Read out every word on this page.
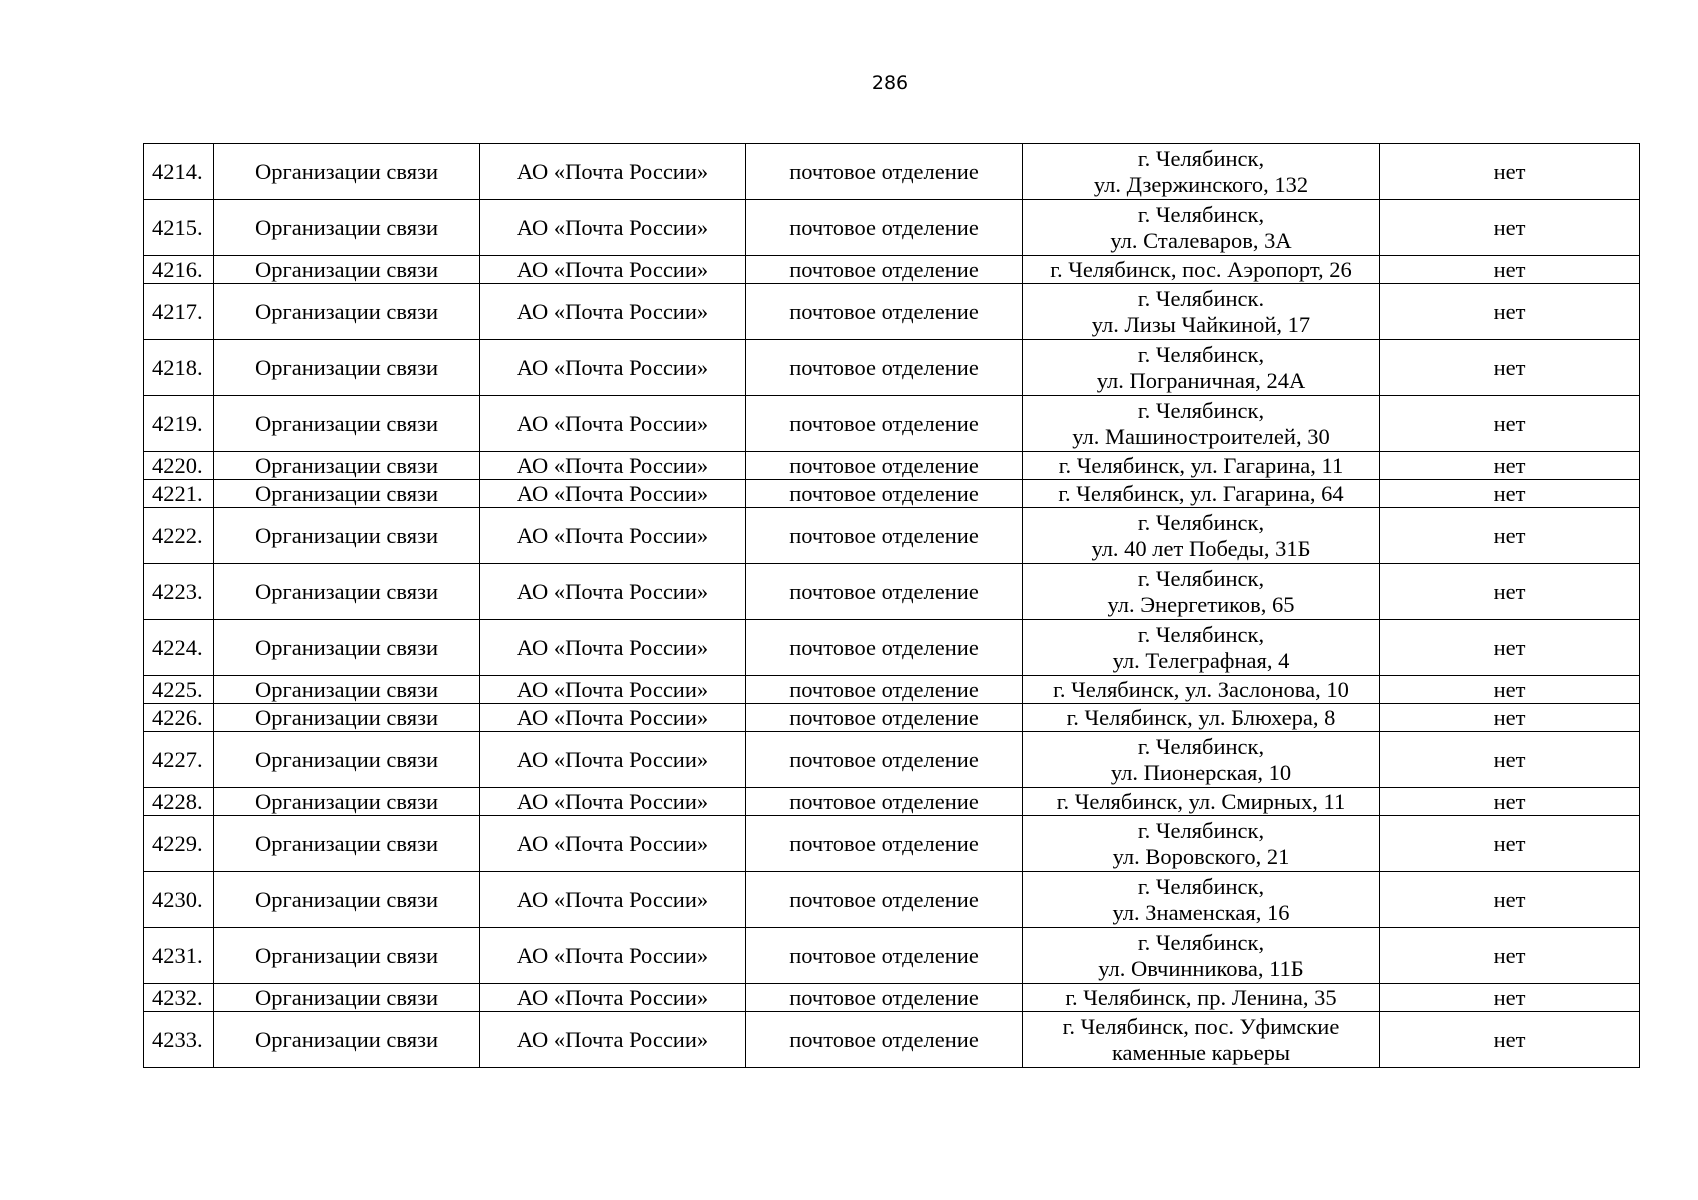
286
4214.	Организации связи	АО «Почта России»	почтовое отделение	г. Челябинск,
ул. Дзержинского, 132	нет
4215.	Организации связи	АО «Почта России»	почтовое отделение	г. Челябинск,
ул. Сталеваров, 3А	нет
4216.	Организации связи	АО «Почта России»	почтовое отделение	г. Челябинск, пос. Аэропорт, 26	нет
4217.	Организации связи	АО «Почта России»	почтовое отделение	г. Челябинск.
ул. Лизы Чайкиной, 17	нет
4218.	Организации связи	АО «Почта России»	почтовое отделение	г. Челябинск,
ул. Пограничная, 24А	нет
4219.	Организации связи	АО «Почта России»	почтовое отделение	г. Челябинск,
ул. Машиностроителей, 30	нет
4220.	Организации связи	АО «Почта России»	почтовое отделение	г. Челябинск, ул. Гагарина, 11	нет
4221.	Организации связи	АО «Почта России»	почтовое отделение	г. Челябинск, ул. Гагарина, 64	нет
4222.	Организации связи	АО «Почта России»	почтовое отделение	г. Челябинск,
ул. 40 лет Победы, 31Б	нет
4223.	Организации связи	АО «Почта России»	почтовое отделение	г. Челябинск,
ул. Энергетиков, 65	нет
4224.	Организации связи	АО «Почта России»	почтовое отделение	г. Челябинск,
ул. Телеграфная, 4	нет
4225.	Организации связи	АО «Почта России»	почтовое отделение	г. Челябинск, ул. Заслонова, 10	нет
4226.	Организации связи	АО «Почта России»	почтовое отделение	г. Челябинск, ул. Блюхера, 8	нет
4227.	Организации связи	АО «Почта России»	почтовое отделение	г. Челябинск,
ул. Пионерская, 10	нет
4228.	Организации связи	АО «Почта России»	почтовое отделение	г. Челябинск, ул. Смирных, 11	нет
4229.	Организации связи	АО «Почта России»	почтовое отделение	г. Челябинск,
ул. Воровского, 21	нет
4230.	Организации связи	АО «Почта России»	почтовое отделение	г. Челябинск,
ул. Знаменская, 16	нет
4231.	Организации связи	АО «Почта России»	почтовое отделение	г. Челябинск,
ул. Овчинникова, 11Б	нет
4232.	Организации связи	АО «Почта России»	почтовое отделение	г. Челябинск, пр. Ленина, 35	нет
4233.	Организации связи	АО «Почта России»	почтовое отделение	г. Челябинск, пос. Уфимские
каменные карьеры	нет
